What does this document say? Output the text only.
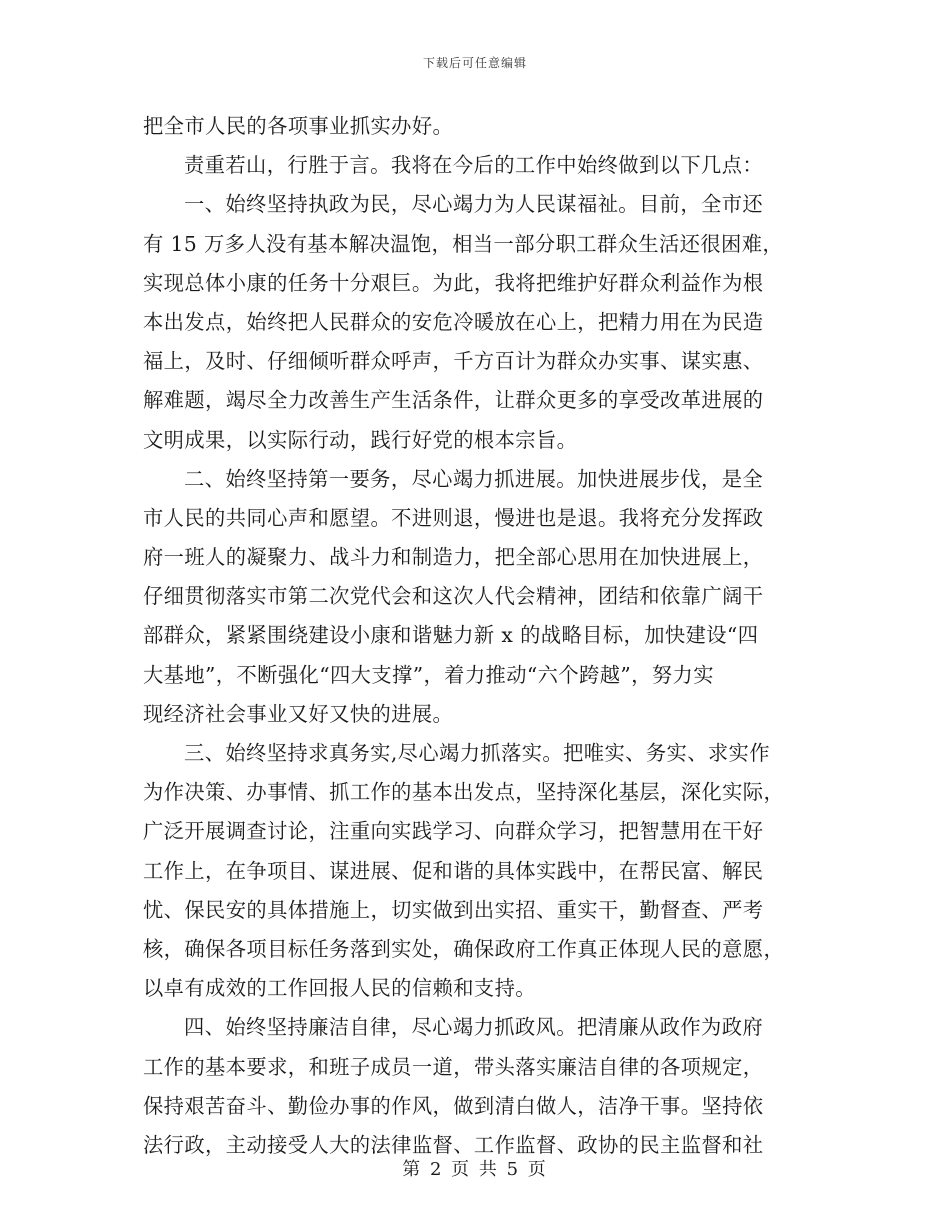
下载后可任意编辑
把全市人民的各项事业抓实办好。
责重若山，行胜于言。我将在今后的工作中始终做到以下几点：
一、始终坚持执政为民，尽心竭力为人民谋福祉。目前，全市还
有 15 万多人没有基本解决温饱，相当一部分职工群众生活还很困难，
实现总体小康的任务十分艰巨。为此，我将把维护好群众利益作为根
本出发点，始终把人民群众的安危冷暖放在心上，把精力用在为民造
福上，及时、仔细倾听群众呼声，千方百计为群众办实事、谋实惠、
解难题，竭尽全力改善生产生活条件，让群众更多的享受改革进展的
文明成果，以实际行动，践行好党的根本宗旨。
二、始终坚持第一要务，尽心竭力抓进展。加快进展步伐，是全
市人民的共同心声和愿望。不进则退，慢进也是退。我将充分发挥政
府一班人的凝聚力、战斗力和制造力，把全部心思用在加快进展上，
仔细贯彻落实市第二次党代会和这次人代会精神，团结和依靠广阔干
部群众，紧紧围绕建设小康和谐魅力新 x 的战略目标，加快建设“四
大基地”，不断强化“四大支撑”，着力推动“六个跨越”，努力实
现经济社会事业又好又快的进展。
三、始终坚持求真务实,尽心竭力抓落实。把唯实、务实、求实作
为作决策、办事情、抓工作的基本出发点，坚持深化基层，深化实际，
广泛开展调查讨论，注重向实践学习、向群众学习，把智慧用在干好
工作上，在争项目、谋进展、促和谐的具体实践中，在帮民富、解民
忧、保民安的具体措施上，切实做到出实招、重实干，勤督查、严考
核，确保各项目标任务落到实处，确保政府工作真正体现人民的意愿，
以卓有成效的工作回报人民的信赖和支持。
四、始终坚持廉洁自律，尽心竭力抓政风。把清廉从政作为政府
工作的基本要求，和班子成员一道，带头落实廉洁自律的各项规定，
保持艰苦奋斗、勤俭办事的作风，做到清白做人，洁净干事。坚持依
法行政，主动接受人大的法律监督、工作监督、政协的民主监督和社
第 2 页 共 5 页
